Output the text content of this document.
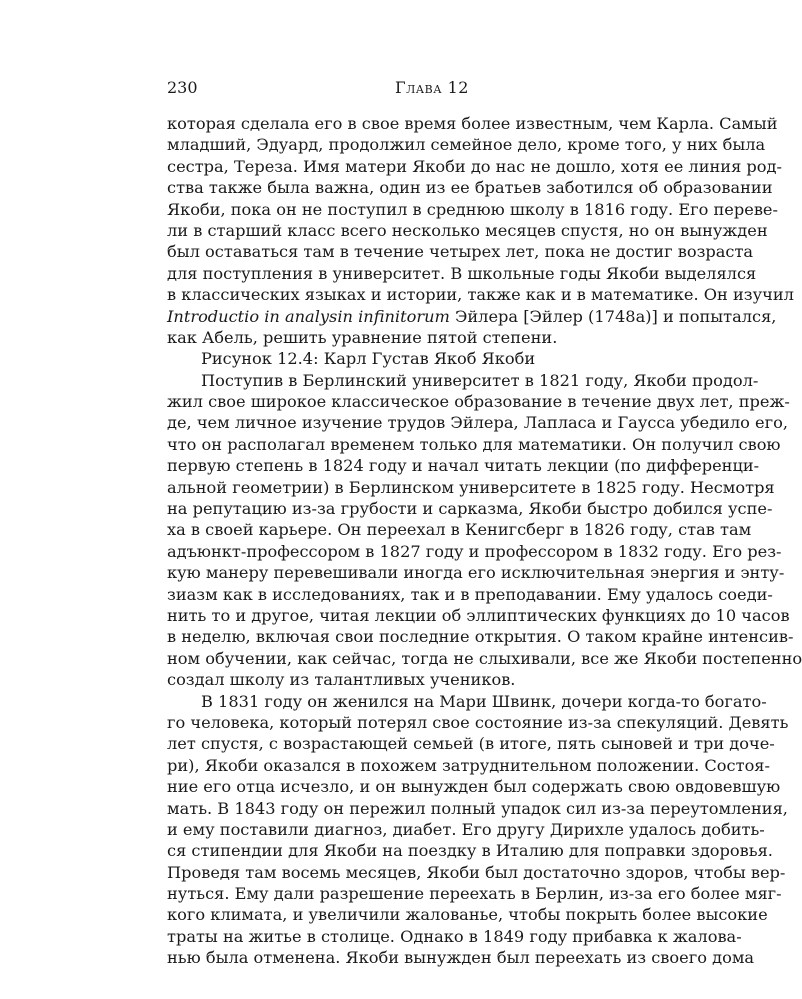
230	Глава 12
которая сделала его в свое время более известным, чем Карла. Самый
младший, Эдуард, продолжил семейное дело, кроме того, у них была
сестра, Тереза. Имя матери Якоби до нас не дошло, хотя ее линия род-
ства также была важна, один из ее братьев заботился об образовании
Якоби, пока он не поступил в среднюю школу в 1816 году. Его переве-
ли в старший класс всего несколько месяцев спустя, но он вынужден
был оставаться там в течение четырех лет, пока не достиг возраста
для поступления в университет. В школьные годы Якоби выделялся
в классических языках и истории, также как и в математике. Он изучил
Introductio in analysin infinitorum Эйлера [Эйлер (1748а)] и попытался,
как Абель, решить уравнение пятой степени.
Рисунок 12.4: Карл Густав Якоб Якоби
Поступив в Берлинский университет в 1821 году, Якоби продол-
жил свое широкое классическое образование в течение двух лет, преж-
де, чем личное изучение трудов Эйлера, Лапласа и Гаусса убедило его,
что он располагал временем только для математики. Он получил свою
первую степень в 1824 году и начал читать лекции (по дифференци-
альной геометрии) в Берлинском университете в 1825 году. Несмотря
на репутацию из-за грубости и сарказма, Якоби быстро добился успе-
ха в своей карьере. Он переехал в Кенигсберг в 1826 году, став там
адъюнкт-профессором в 1827 году и профессором в 1832 году. Его рез-
кую манеру перевешивали иногда его исключительная энергия и энту-
зиазм как в исследованиях, так и в преподавании. Ему удалось соеди-
нить то и другое, читая лекции об эллиптических функциях до 10 часов
в неделю, включая свои последние открытия. О таком крайне интенсив-
ном обучении, как сейчас, тогда не слыхивали, все же Якоби постепенно
создал школу из талантливых учеников.
В 1831 году он женился на Мари Швинк, дочери когда-то богато-
го человека, который потерял свое состояние из-за спекуляций. Девять
лет спустя, с возрастающей семьей (в итоге, пять сыновей и три доче-
ри), Якоби оказался в похожем затруднительном положении. Состоя-
ние его отца исчезло, и он вынужден был содержать свою овдовевшую
мать. В 1843 году он пережил полный упадок сил из-за переутомления,
и ему поставили диагноз, диабет. Его другу Дирихле удалось добить-
ся стипендии для Якоби на поездку в Италию для поправки здоровья.
Проведя там восемь месяцев, Якоби был достаточно здоров, чтобы вер-
нуться. Ему дали разрешение переехать в Берлин, из-за его более мяг-
кого климата, и увеличили жалованье, чтобы покрыть более высокие
траты на житье в столице. Однако в 1849 году прибавка к жалова-
нью была отменена. Якоби вынужден был переехать из своего дома
